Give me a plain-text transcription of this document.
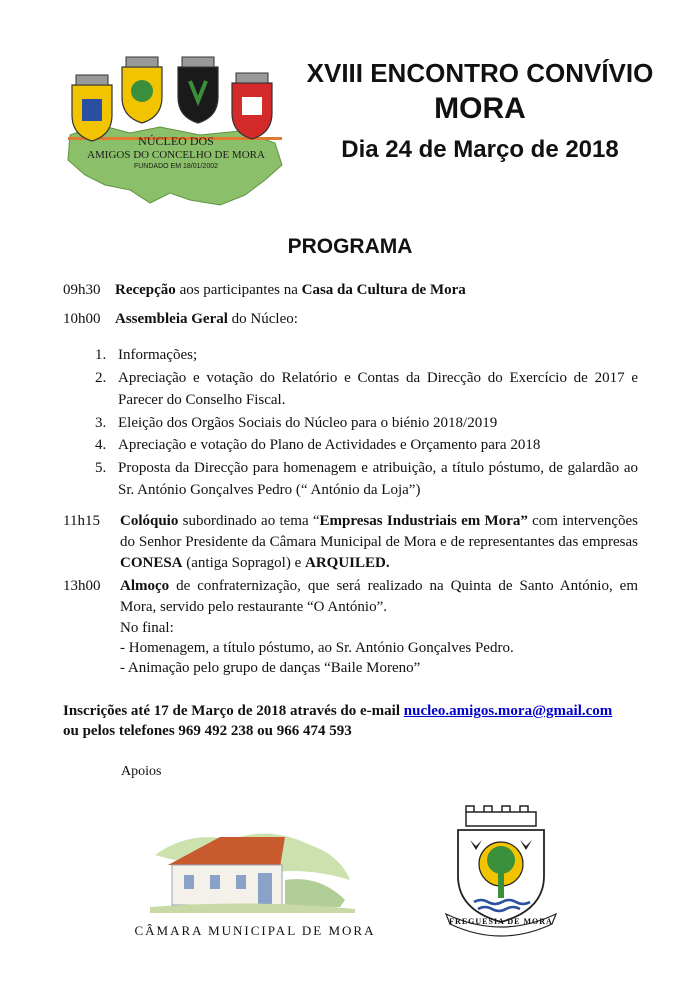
NÚCLEO DOS
AMIGOS DO CONCELHO DE MORA
FUNDADO EM 18/01/2002
XVIII ENCONTRO CONVÍVIO
MORA
Dia 24 de Março de 2018
PROGRAMA
09h30 Recepção aos participantes na Casa da Cultura de Mora
10h00 Assembleia Geral do Núcleo:
1. Informações;
2. Apreciação e votação do Relatório e Contas da Direcção do Exercício de 2017 e Parecer do Conselho Fiscal.
3. Eleição dos Orgãos Sociais do Núcleo para o biénio 2018/2019
4. Apreciação e votação do Plano de Actividades e Orçamento para 2018
5. Proposta da Direcção para homenagem e atribuição, a título póstumo, de galardão ao Sr. António Gonçalves Pedro (“ António da Loja”)
11h15 Colóquio subordinado ao tema “Empresas Industriais em Mora” com intervenções do Senhor Presidente da Câmara Municipal de Mora e de representantes das empresas CONESA (antiga Sopragol) e ARQUILED.
13h00 Almoço de confraternização, que será realizado na Quinta de Santo António, em Mora, servido pelo restaurante “O António”.
No final:
- Homenagem, a título póstumo, ao Sr. António Gonçalves Pedro.
- Animação pelo grupo de danças “Baile Moreno”
Inscrições até 17 de Março de 2018 através do e-mail nucleo.amigos.mora@gmail.com
ou pelos telefones 969 492 238 ou 966 474 593
Apoios
CÂMARA MUNICIPAL DE MORA
FREGUESIA DE MORA
